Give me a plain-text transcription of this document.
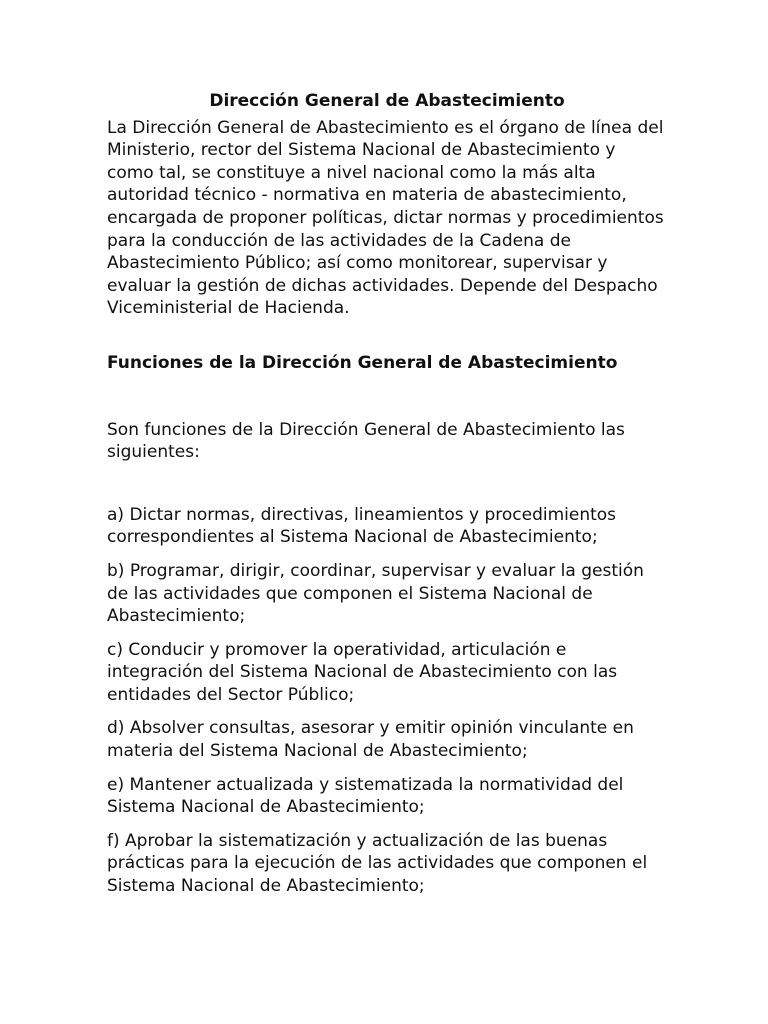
Dirección General de Abastecimiento

La Dirección General de Abastecimiento es el órgano de línea del Ministerio, rector del Sistema Nacional de Abastecimiento y como tal, se constituye a nivel nacional como la más alta autoridad técnico - normativa en materia de abastecimiento, encargada de proponer políticas, dictar normas y procedimientos para la conducción de las actividades de la Cadena de Abastecimiento Público; así como monitorear, supervisar y evaluar la gestión de dichas actividades. Depende del Despacho Viceministerial de Hacienda.

Funciones de la Dirección General de Abastecimiento

Son funciones de la Dirección General de Abastecimiento las siguientes:

a) Dictar normas, directivas, lineamientos y procedimientos correspondientes al Sistema Nacional de Abastecimiento;
b) Programar, dirigir, coordinar, supervisar y evaluar la gestión de las actividades que componen el Sistema Nacional de Abastecimiento;
c) Conducir y promover la operatividad, articulación e integración del Sistema Nacional de Abastecimiento con las entidades del Sector Público;
d) Absolver consultas, asesorar y emitir opinión vinculante en materia del Sistema Nacional de Abastecimiento;
e) Mantener actualizada y sistematizada la normatividad del Sistema Nacional de Abastecimiento;
f) Aprobar la sistematización y actualización de las buenas prácticas para la ejecución de las actividades que componen el Sistema Nacional de Abastecimiento;
